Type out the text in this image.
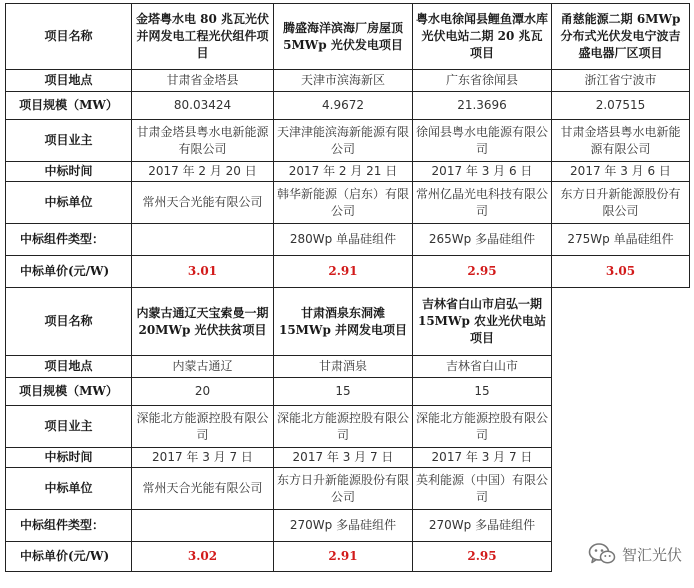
项目名称	金塔粤水电 80 兆瓦光伏并网发电工程光伏组件项目	腾盛海洋滨海厂房屋顶 5MWp 光伏发电项目	粤水电徐闻县鲤鱼潭水库光伏电站二期 20 兆瓦项目	甬慈能源二期 6MWp 分布式光伏发电宁波吉盛电器厂区项目
项目地点	甘肃省金塔县	天津市滨海新区	广东省徐闻县	浙江省宁波市
项目规模（MW）	80.03424	4.9672	21.3696	2.07515
项目业主	甘肃金塔县粤水电新能源有限公司	天津津能滨海新能源有限公司	徐闻县粤水电能源有限公司	甘肃金塔县粤水电新能源有限公司
中标时间	2017 年 2 月 20 日	2017 年 2 月 21 日	2017 年 3 月 6 日	2017 年 3 月 6 日
中标单位	常州天合光能有限公司	韩华新能源（启东）有限公司	常州亿晶光电科技有限公司	东方日升新能源股份有限公司
中标组件类型：		280Wp 单晶硅组件	265Wp 多晶硅组件	275Wp 单晶硅组件
中标单价(元/W)	3.01	2.91	2.95	3.05
项目名称	内蒙古通辽天宝索曼一期 20MWp 光伏扶贫项目	甘肃酒泉东洞滩 15MWp 并网发电项目	吉林省白山市启弘一期 15MWp 农业光伏电站项目	
项目地点	内蒙古通辽	甘肃酒泉	吉林省白山市	
项目规模（MW）	20	15	15	
项目业主	深能北方能源控股有限公司	深能北方能源控股有限公司	深能北方能源控股有限公司	
中标时间	2017 年 3 月 7 日	2017 年 3 月 7 日	2017 年 3 月 7 日	
中标单位	常州天合光能有限公司	东方日升新能源股份有限公司	英利能源（中国）有限公司	
中标组件类型：		270Wp 多晶硅组件	270Wp 多晶硅组件	
中标单价(元/W)	3.02	2.91	2.95		智汇光伏
